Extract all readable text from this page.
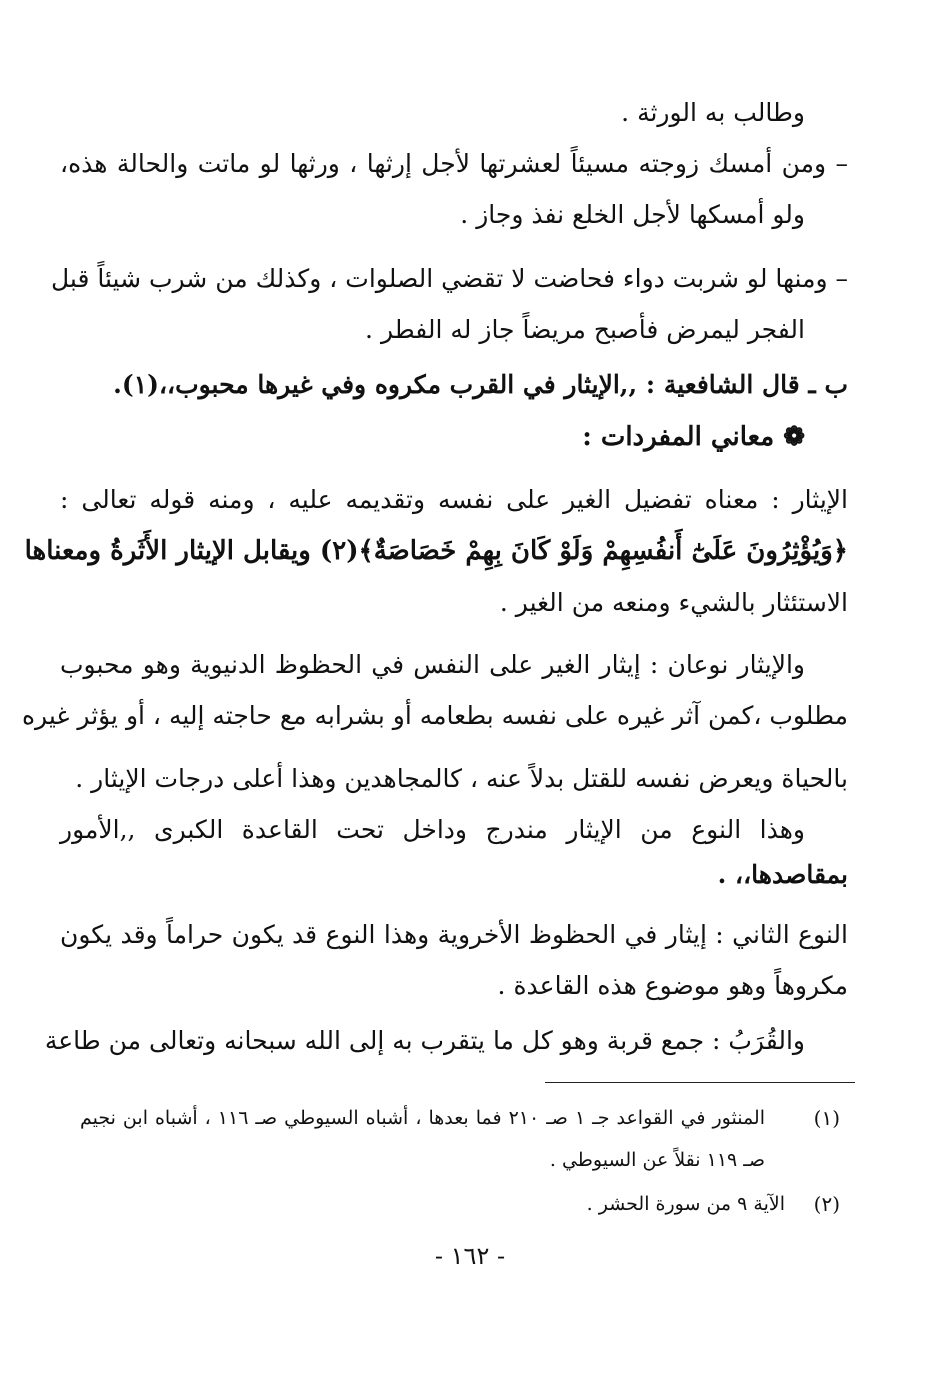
وطالب به الورثة .
– ومن أمسك زوجته مسيئاً لعشرتها لأجل إرثها ، ورثها لو ماتت والحالة هذه،
ولو أمسكها لأجل الخلع نفذ وجاز .
– ومنها لو شربت دواء فحاضت لا تقضي الصلوات ، وكذلك من شرب شيئاً قبل
الفجر ليمرض فأصبح مريضاً جاز له الفطر .
ب ـ قال الشافعية : ,,الإيثار في القرب مكروه وفي غيرها محبوب،،(١).
❁ معاني المفردات :
الإيثار : معناه تفضيل الغير على نفسه وتقديمه عليه ، ومنه قوله تعالى :
﴿وَيُؤْثِرُونَ عَلَىٰٓ أَنفُسِهِمْ وَلَوْ كَانَ بِهِمْ خَصَاصَةٌ﴾(٢) ويقابل الإيثار الأَثَرةُ ومعناها
الاستئثار بالشيء ومنعه من الغير .
والإيثار نوعان : إيثار الغير على النفس في الحظوظ الدنيوية وهو محبوب
مطلوب ،كمن آثر غيره على نفسه بطعامه أو بشرابه مع حاجته إليه ، أو يؤثر غيره
بالحياة ويعرض نفسه للقتل بدلاً عنه ، كالمجاهدين وهذا أعلى درجات الإيثار .
وهذا النوع من الإيثار مندرج وداخل تحت القاعدة الكبرى ,,الأمور
بمقاصدها،، .
النوع الثاني : إيثار في الحظوظ الأخروية وهذا النوع قد يكون حراماً وقد يكون
مكروهاً وهو موضوع هذه القاعدة .
والقُرَبُ : جمع قربة وهو كل ما يتقرب به إلى الله سبحانه وتعالى من طاعة
(١)
المنثور في القواعد جـ ١ صـ ٢١٠ فما بعدها ، أشباه السيوطي صـ ١١٦ ، أشباه ابن نجيم
صـ ١١٩ نقلاً عن السيوطي .
(٢)
الآية ٩ من سورة الحشر .
- ١٦٢ -
